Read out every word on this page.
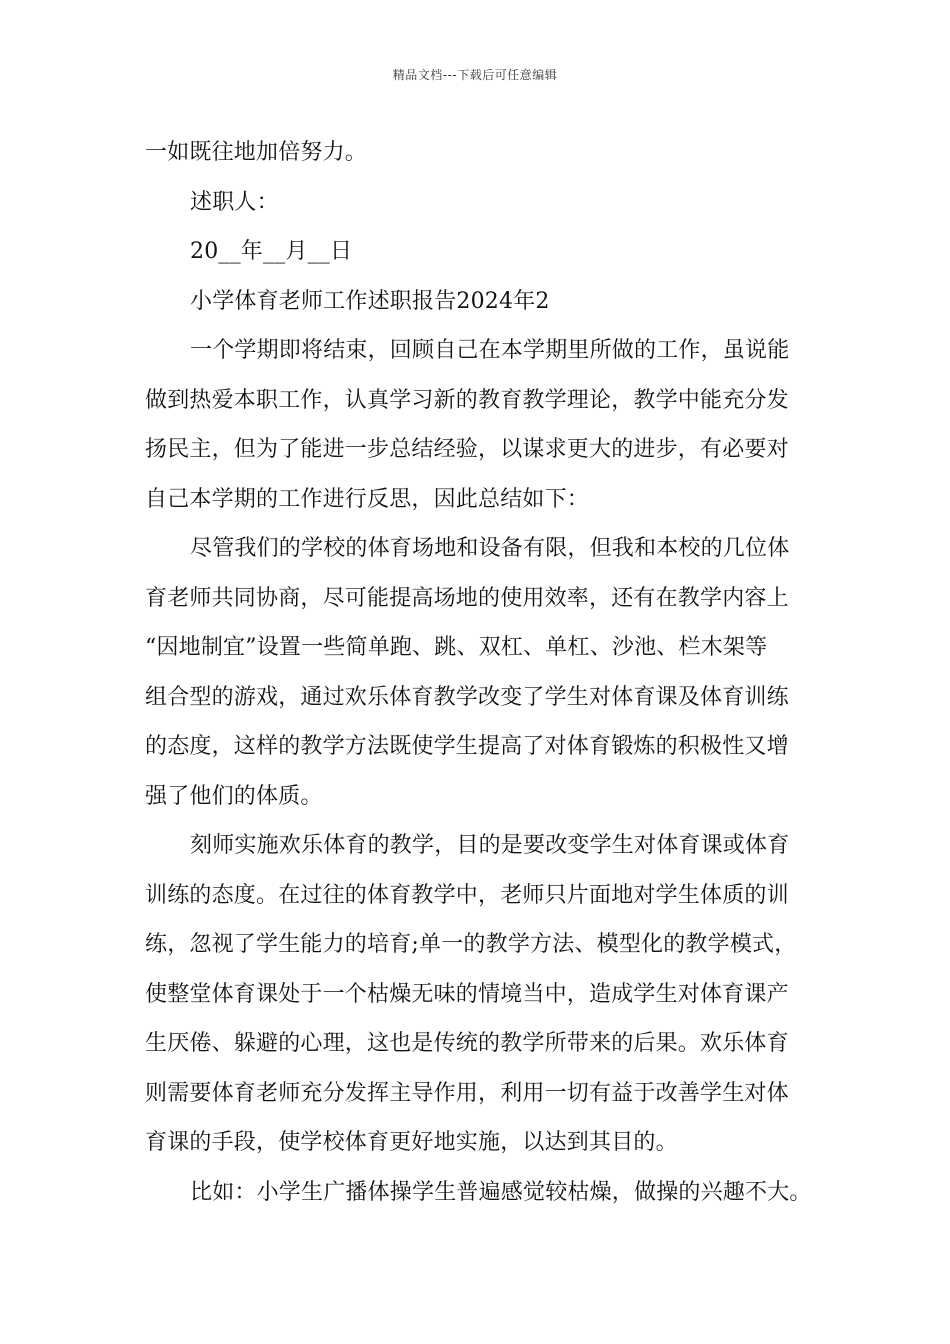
精品文档---下载后可任意编辑
一如既往地加倍努力。
述职人：
20__年__月__日
小学体育老师工作述职报告2024年2
一个学期即将结束，回顾自己在本学期里所做的工作，虽说能
做到热爱本职工作，认真学习新的教育教学理论，教学中能充分发
扬民主，但为了能进一步总结经验，以谋求更大的进步，有必要对
自己本学期的工作进行反思，因此总结如下：
尽管我们的学校的体育场地和设备有限，但我和本校的几位体
育老师共同协商，尽可能提高场地的使用效率，还有在教学内容上
“因地制宜”设置一些简单跑、跳、双杠、单杠、沙池、栏木架等
组合型的游戏，通过欢乐体育教学改变了学生对体育课及体育训练
的态度，这样的教学方法既使学生提高了对体育锻炼的积极性又增
强了他们的体质。
刻师实施欢乐体育的教学，目的是要改变学生对体育课或体育
训练的态度。在过往的体育教学中，老师只片面地对学生体质的训
练，忽视了学生能力的培育;单一的教学方法、模型化的教学模式，
使整堂体育课处于一个枯燥无味的情境当中，造成学生对体育课产
生厌倦、躲避的心理，这也是传统的教学所带来的后果。欢乐体育
则需要体育老师充分发挥主导作用，利用一切有益于改善学生对体
育课的手段，使学校体育更好地实施，以达到其目的。
比如：小学生广播体操学生普遍感觉较枯燥，做操的兴趣不大。
